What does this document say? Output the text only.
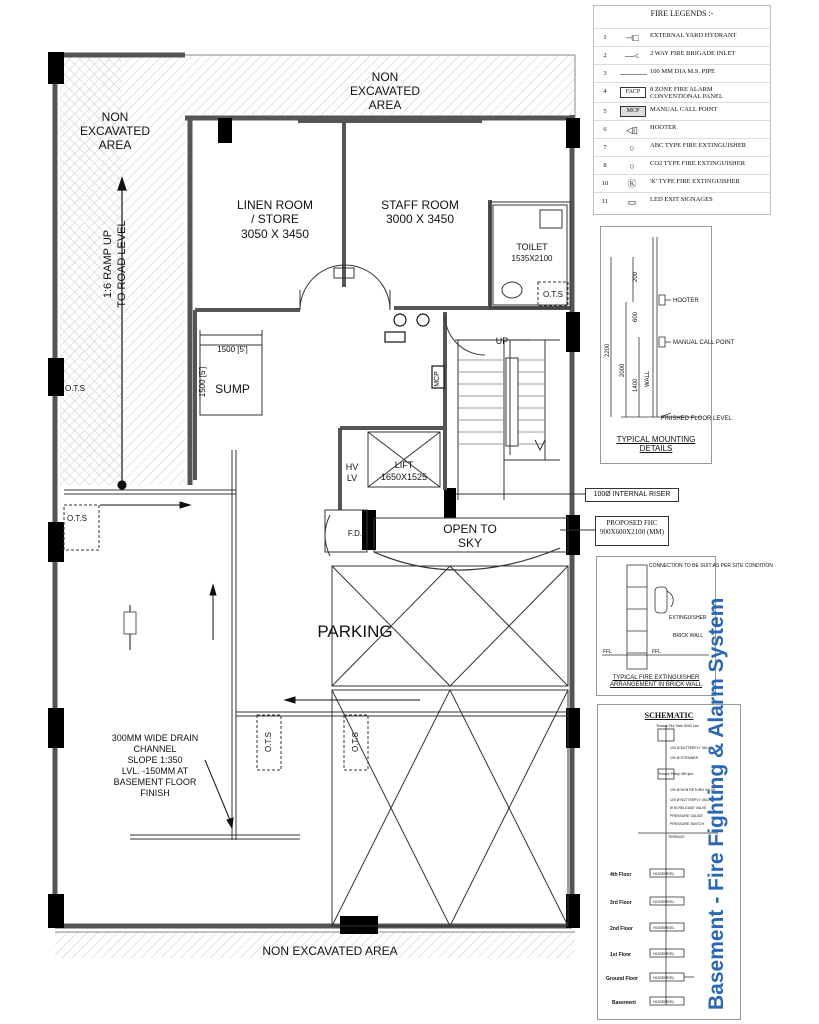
NON
EXCAVATED
AREA
NON
EXCAVATED
AREA
NON EXCAVATED AREA
1:6 RAMP UP
TO ROAD LEVEL
LINEN ROOM
/ STORE
3050 X 3450
STAFF ROOM
3000 X 3450
TOILET
1535X2100
SUMP
1500 [5']
1500 [5']
LIFT
1650X1525
HV
LV
F.D.	OPEN TO
SKY
PARKING
UP
MCP
O.T.S
O.T.S
O.T.S	O.T.S
O.T.S
300MM WIDE DRAIN
CHANNEL
SLOPE 1:350
LVL. -150MM AT
BASEMENT FLOOR
FINISH
100Ø INTERNAL RISER
PROPOSED FHC
900X600X2100 (MM)
FIRE LEGENDS :-
1	⊣□	EXTERNAL YARD HYDRANT
2	—<	2 WAY FIRE BRIGADE INLET
3	——— 100 MM DIA M.S. PIPE
4	FACP	8 ZONE FIRE ALARM
CONVENTIONAL PANEL
5	MCP	MANUAL CALL POINT
6	◁▯	HOOTER
7	○	ABC TYPE FIRE EXTINGUISHER
8	○	CO2 TYPE FIRE EXTINGUISHER
10	Ⓚ	'K' TYPE FIRE EXTINGUISHER
11	▭	LED EXIT SIGNAGES
HOOTER
MANUAL CALL POINT
FINISHED FLOOR LEVEL
WALL
200
600
1400
2000
2200
TYPICAL MOUNTING
DETAILS
CONNECTION TO BE SUIT AS PER SITE CONDITION
EXTINGUISHER
BRICK WALL
FFL	FFL
TYPICAL FIRE EXTINGUISHER
ARRANGEMENT IN BRICK WALL
SCHEMATIC
Terrace Fire Tank 5000 Ltrs.
100 Ø BUTTERFLY VALVE
100 Ø STRAINER
Terrace Pump 450 lpm
100 Ø NON RETURN VALVE
100 Ø BUTTERFLY VALVE
Ø 50 RELEASE VALVE
PRESSURE GAUGE
PRESSURE SWITCH
TERRACE
4th Floor
3rd Floor
2nd Floor
1st Floor
Ground Floor
Basement
HOSEREEL
HOSEREEL
HOSEREEL
HOSEREEL
HOSEREEL
HOSEREEL Basement - Fire Fighting & Alarm System
